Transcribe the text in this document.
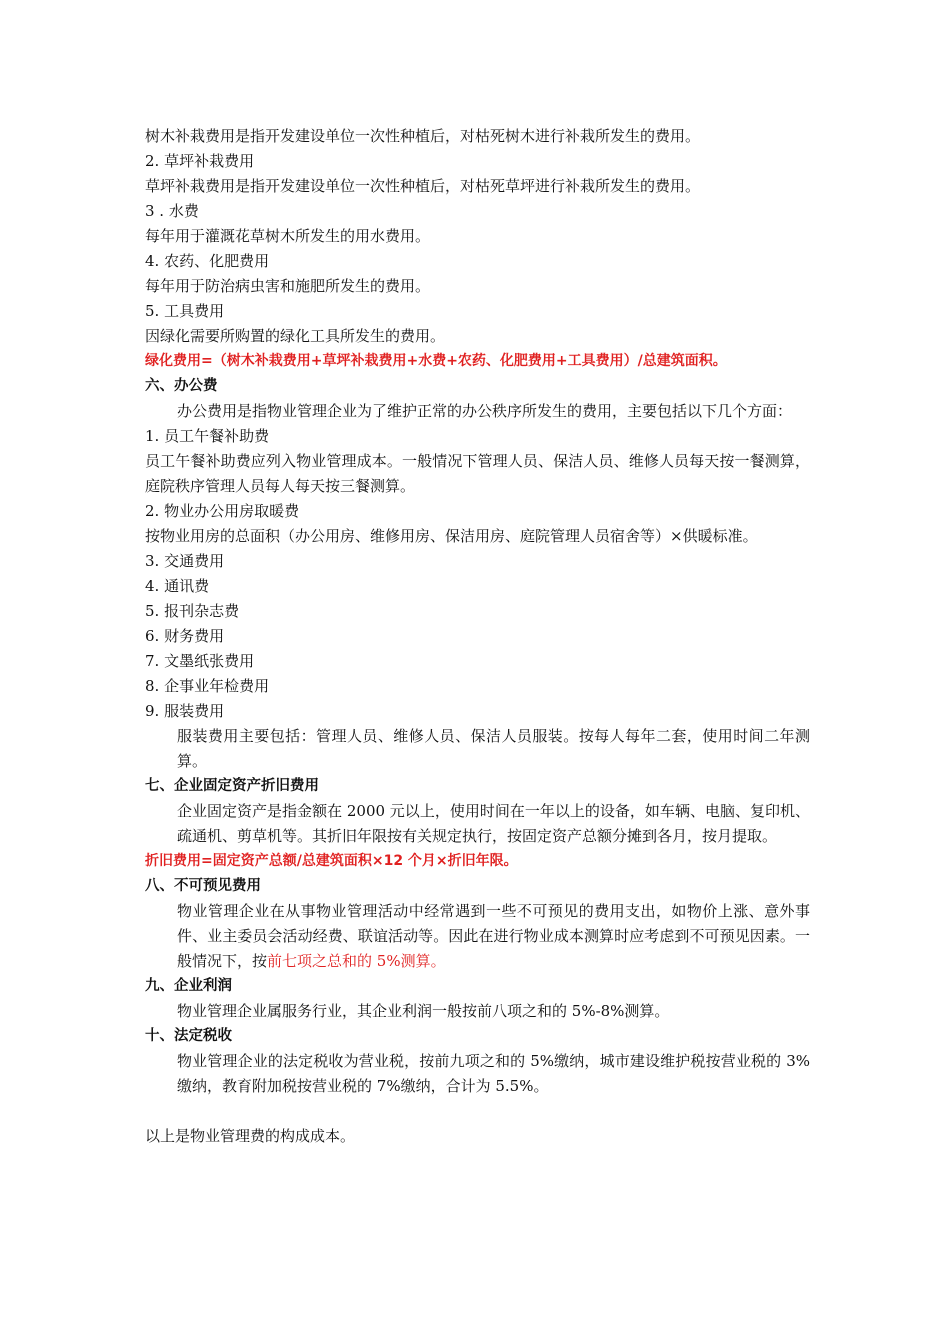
树木补栽费用是指开发建设单位一次性种植后，对枯死树木进行补栽所发生的费用。
2. 草坪补栽费用
草坪补栽费用是指开发建设单位一次性种植后，对枯死草坪进行补栽所发生的费用。
3 . 水费
每年用于灌溉花草树木所发生的用水费用。
4. 农药、化肥费用
每年用于防治病虫害和施肥所发生的费用。
5. 工具费用
因绿化需要所购置的绿化工具所发生的费用。
绿化费用=（树木补栽费用+草坪补栽费用+水费+农药、化肥费用+工具费用）/总建筑面积。
六、办公费
办公费用是指物业管理企业为了维护正常的办公秩序所发生的费用，主要包括以下几个方面：
1. 员工午餐补助费
员工午餐补助费应列入物业管理成本。一般情况下管理人员、保洁人员、维修人员每天按一餐测算，庭院秩序管理人员每人每天按三餐测算。
2. 物业办公用房取暖费
按物业用房的总面积（办公用房、维修用房、保洁用房、庭院管理人员宿舍等）×供暖标准。
3. 交通费用
4. 通讯费
5. 报刊杂志费
6. 财务费用
7. 文墨纸张费用
8. 企事业年检费用
9. 服装费用
服装费用主要包括：管理人员、维修人员、保洁人员服装。按每人每年二套，使用时间二年测算。
七、企业固定资产折旧费用
企业固定资产是指金额在 2000 元以上，使用时间在一年以上的设备，如车辆、电脑、复印机、疏通机、剪草机等。其折旧年限按有关规定执行，按固定资产总额分摊到各月，按月提取。
折旧费用=固定资产总额/总建筑面积×12 个月×折旧年限。
八、不可预见费用
物业管理企业在从事物业管理活动中经常遇到一些不可预见的费用支出，如物价上涨、意外事件、业主委员会活动经费、联谊活动等。因此在进行物业成本测算时应考虑到不可预见因素。一般情况下，按前七项之总和的 5%测算。
九、企业利润
物业管理企业属服务行业，其企业利润一般按前八项之和的 5%-8%测算。
十、法定税收
物业管理企业的法定税收为营业税，按前九项之和的 5%缴纳，城市建设维护税按营业税的 3%缴纳，教育附加税按营业税的 7%缴纳，合计为 5.5%。
以上是物业管理费的构成成本。
